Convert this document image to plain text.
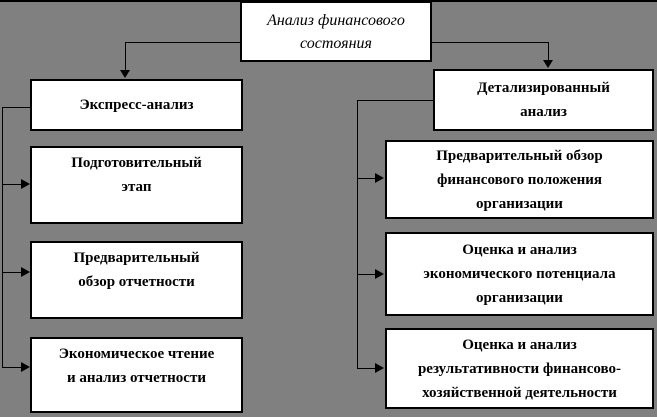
Анализ финансового
состояния
Экспресс-анализ
Подготовительный
этап
Предварительный
обзор отчетности
Экономическое чтение
и анализ отчетности
Детализированный
анализ
Предварительный обзор
финансового положения
организации
Оценка и анализ
экономического потенциала
организации
Оценка и анализ
результативности финансово-
хозяйственной деятельности
